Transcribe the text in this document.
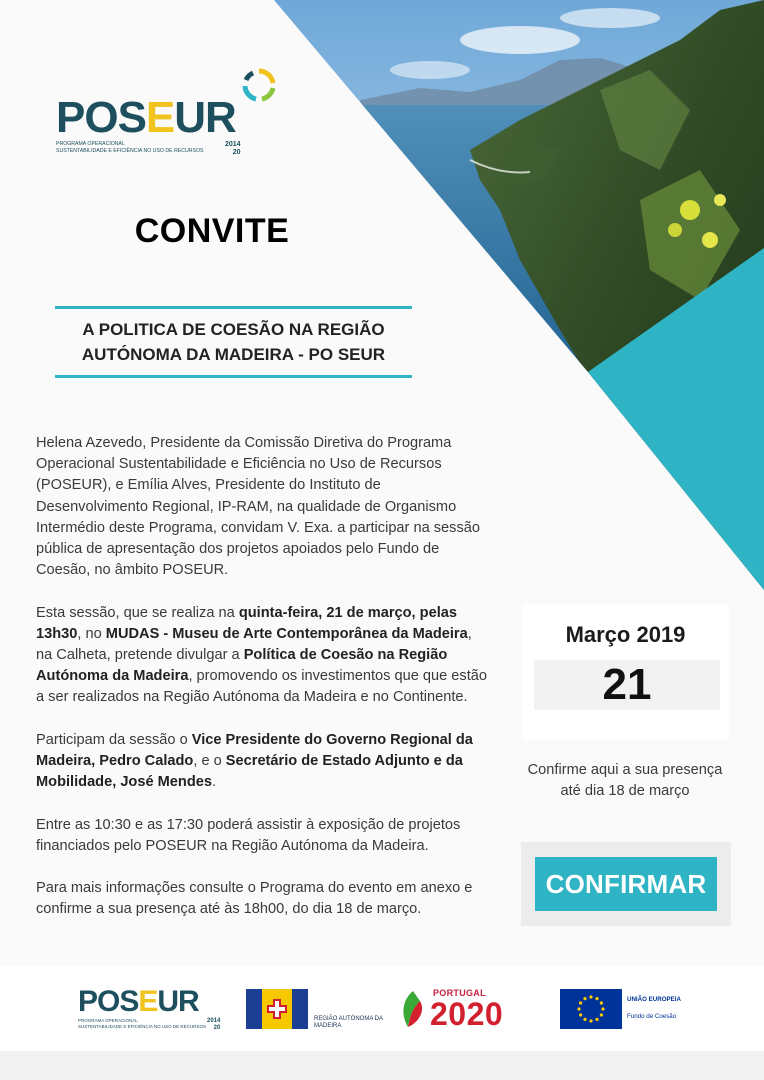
POSEUR
PROGRAMA OPERACIONAL
SUSTENTABILIDADE E EFICIÊNCIA NO USO DE RECURSOS
2014
20
CONVITE
A POLITICA DE COESÃO NA REGIÃO AUTÓNOMA DA MADEIRA - PO SEUR

Helena Azevedo, Presidente da Comissão Diretiva do Programa Operacional Sustentabilidade e Eficiência no Uso de Recursos (POSEUR), e Emília Alves, Presidente do Instituto de Desenvolvimento Regional, IP-RAM, na qualidade de Organismo Intermédio deste Programa, convidam V. Exa. a participar na sessão pública de apresentação dos projetos apoiados pelo Fundo de Coesão, no âmbito POSEUR.

Esta sessão, que se realiza na quinta-feira, 21 de março, pelas 13h30, no MUDAS - Museu de Arte Contemporânea da Madeira, na Calheta, pretende divulgar a Política de Coesão na Região Autónoma da Madeira, promovendo os investimentos que que estão a ser realizados na Região Autónoma da Madeira e no Continente.

Participam da sessão o Vice Presidente do Governo Regional da Madeira, Pedro Calado, e o Secretário de Estado Adjunto e da Mobilidade, José Mendes.

Entre as 10:30 e as 17:30 poderá assistir à exposição de projetos financiados pelo POSEUR na Região Autónoma da Madeira.

Para mais informações consulte o Programa do evento em anexo e confirme a sua presença até às 18h00, do dia 18 de março.

Março 2019
21
Confirme aqui a sua presença até dia 18 de março
CONFIRMAR
POSEUR
PROGRAMA OPERACIONAL
SUSTENTABILIDADE E EFICIÊNCIA NO USO DE RECURSOS
2014
20
REGIÃO AUTÓNOMA DA MADEIRA
PORTUGAL
2020	UNIÃO EUROPEIA
Fundo de Coesão
